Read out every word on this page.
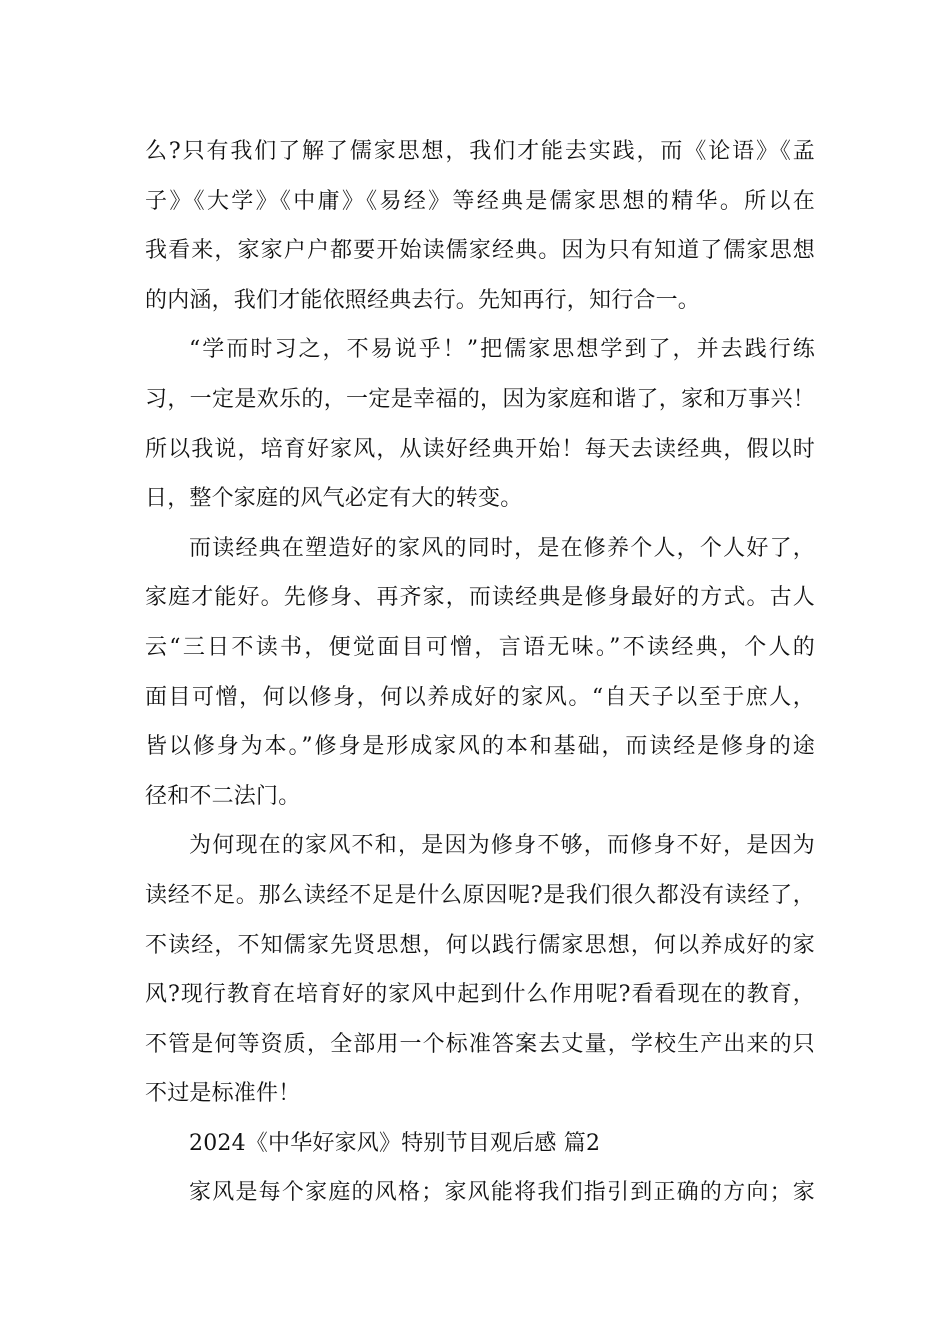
么?只有我们了解了儒家思想，我们才能去实践，而《论语》《孟
子》《大学》《中庸》《易经》等经典是儒家思想的精华。所以在
我看来，家家户户都要开始读儒家经典。因为只有知道了儒家思想
的内涵，我们才能依照经典去行。先知再行，知行合一。
“学而时习之，不易说乎！”把儒家思想学到了，并去践行练
习，一定是欢乐的，一定是幸福的，因为家庭和谐了，家和万事兴！
所以我说，培育好家风，从读好经典开始！每天去读经典，假以时
日，整个家庭的风气必定有大的转变。
而读经典在塑造好的家风的同时，是在修养个人，个人好了，
家庭才能好。先修身、再齐家，而读经典是修身最好的方式。古人
云“三日不读书，便觉面目可憎，言语无味。”不读经典，个人的
面目可憎，何以修身，何以养成好的家风。“自天子以至于庶人，
皆以修身为本。”修身是形成家风的本和基础，而读经是修身的途
径和不二法门。
为何现在的家风不和，是因为修身不够，而修身不好，是因为
读经不足。那么读经不足是什么原因呢?是我们很久都没有读经了，
不读经，不知儒家先贤思想，何以践行儒家思想，何以养成好的家
风?现行教育在培育好的家风中起到什么作用呢?看看现在的教育，
不管是何等资质，全部用一个标准答案去丈量，学校生产出来的只
不过是标准件！
2024《中华好家风》特别节目观后感 篇2
家风是每个家庭的风格；家风能将我们指引到正确的方向；家
